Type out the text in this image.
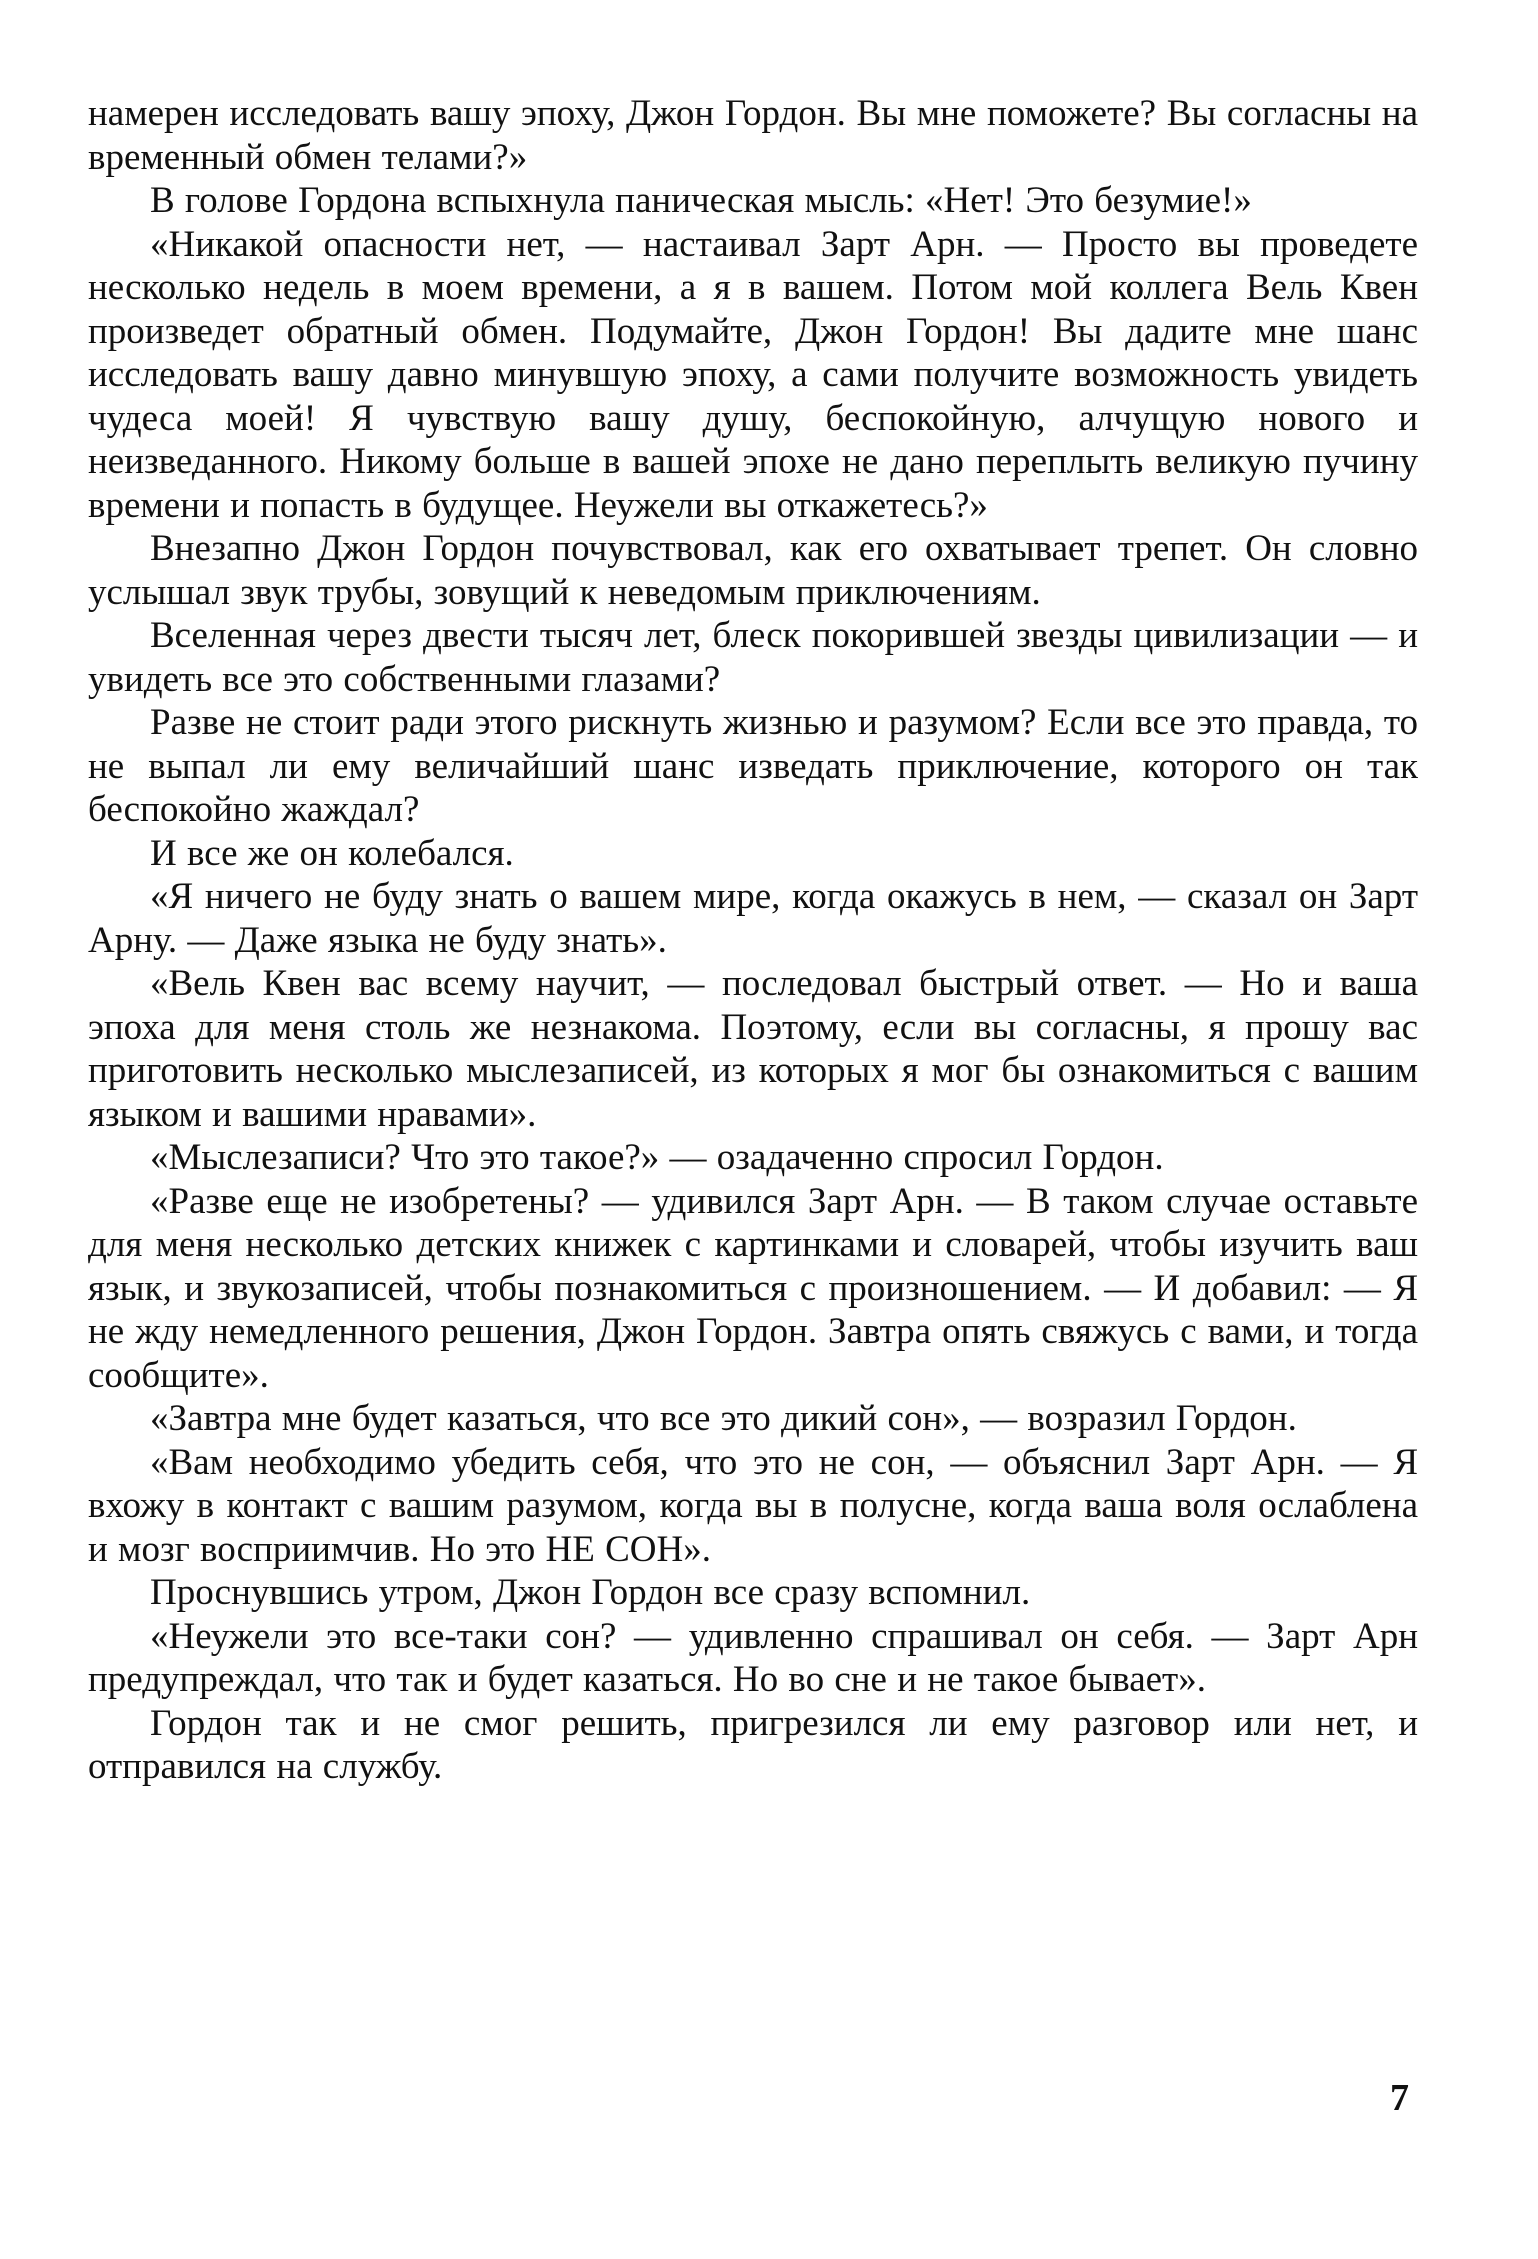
намерен исследовать вашу эпоху, Джон Гордон. Вы мне поможете? Вы согласны на временный обмен телами?»

В голове Гордона вспыхнула паническая мысль: «Нет! Это безумие!»

«Никакой опасности нет, — настаивал Зарт Арн. — Просто вы проведете несколько недель в моем времени, а я в вашем. Потом мой коллега Вель Квен произведет обратный обмен. Подумайте, Джон Гордон! Вы дадите мне шанс исследовать вашу давно минувшую эпоху, а сами получите возможность увидеть чудеса моей! Я чувствую вашу душу, беспокойную, алчущую нового и неизведанного. Никому больше в вашей эпохе не дано переплыть великую пучину времени и попасть в будущее. Неужели вы откажетесь?»

Внезапно Джон Гордон почувствовал, как его охватывает трепет. Он словно услышал звук трубы, зовущий к неведомым приключениям.

Вселенная через двести тысяч лет, блеск покорившей звезды цивилизации — и увидеть все это собственными глазами?

Разве не стоит ради этого рискнуть жизнью и разумом? Если все это правда, то не выпал ли ему величайший шанс изведать приключение, которого он так беспокойно жаждал?

И все же он колебался.

«Я ничего не буду знать о вашем мире, когда окажусь в нем, — сказал он Зарт Арну. — Даже языка не буду знать».

«Вель Квен вас всему научит, — последовал быстрый ответ. — Но и ваша эпоха для меня столь же незнакома. Поэтому, если вы согласны, я прошу вас приготовить несколько мыслезаписей, из которых я мог бы ознакомиться с вашим языком и вашими нравами».

«Мыслезаписи? Что это такое?» — озадаченно спросил Гордон.

«Разве еще не изобретены? — удивился Зарт Арн. — В таком случае оставьте для меня несколько детских книжек с картинками и словарей, чтобы изучить ваш язык, и звукозаписей, чтобы познакомиться с произношением. — И добавил: — Я не жду немедленного решения, Джон Гордон. Завтра опять свяжусь с вами, и тогда сообщите».

«Завтра мне будет казаться, что все это дикий сон», — возразил Гордон.

«Вам необходимо убедить себя, что это не сон, — объяснил Зарт Арн. — Я вхожу в контакт с вашим разумом, когда вы в полусне, когда ваша воля ослаблена и мозг восприимчив. Но это НЕ СОН».

Проснувшись утром, Джон Гордон все сразу вспомнил.

«Неужели это все-таки сон? — удивленно спрашивал он себя. — Зарт Арн предупреждал, что так и будет казаться. Но во сне и не такое бывает».

Гордон так и не смог решить, пригрезился ли ему разговор или нет, и отправился на службу.

7
